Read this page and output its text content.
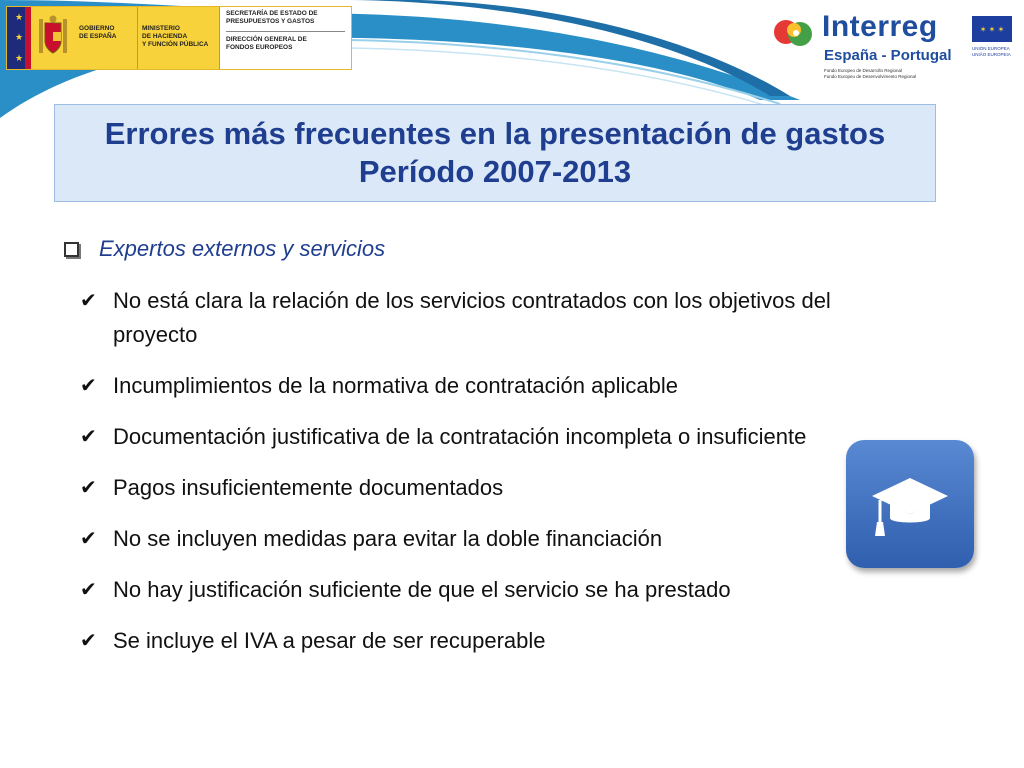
★
★
★
GOBIERNO
DE ESPAÑA
MINISTERIO
DE HACIENDA
Y FUNCIÓN PÚBLICA
SECRETARÍA DE ESTADO DE
PRESUPUESTOS Y GASTOS
DIRECCIÓN GENERAL DE
FONDOS EUROPEOS
Interreg
España - Portugal
Fondo Europeo de Desarrollo Regional
Fundo Europeu de Desenvolvimento Regional
✶ ✶ ✶
UNIÓN EUROPEA
UNIÃO EUROPEIA
Errores más frecuentes en la presentación de gastos
Período 2007-2013
Expertos externos y servicios
✔ No está clara la relación de los servicios contratados con los objetivos del proyecto
✔ Incumplimientos de la normativa de contratación aplicable
✔ Documentación justificativa de la contratación incompleta o insuficiente
✔ Pagos insuficientemente documentados
✔ No se incluyen medidas para evitar la doble financiación
✔ No hay justificación suficiente de que el servicio se ha prestado
✔ Se incluye el IVA a pesar de ser recuperable
